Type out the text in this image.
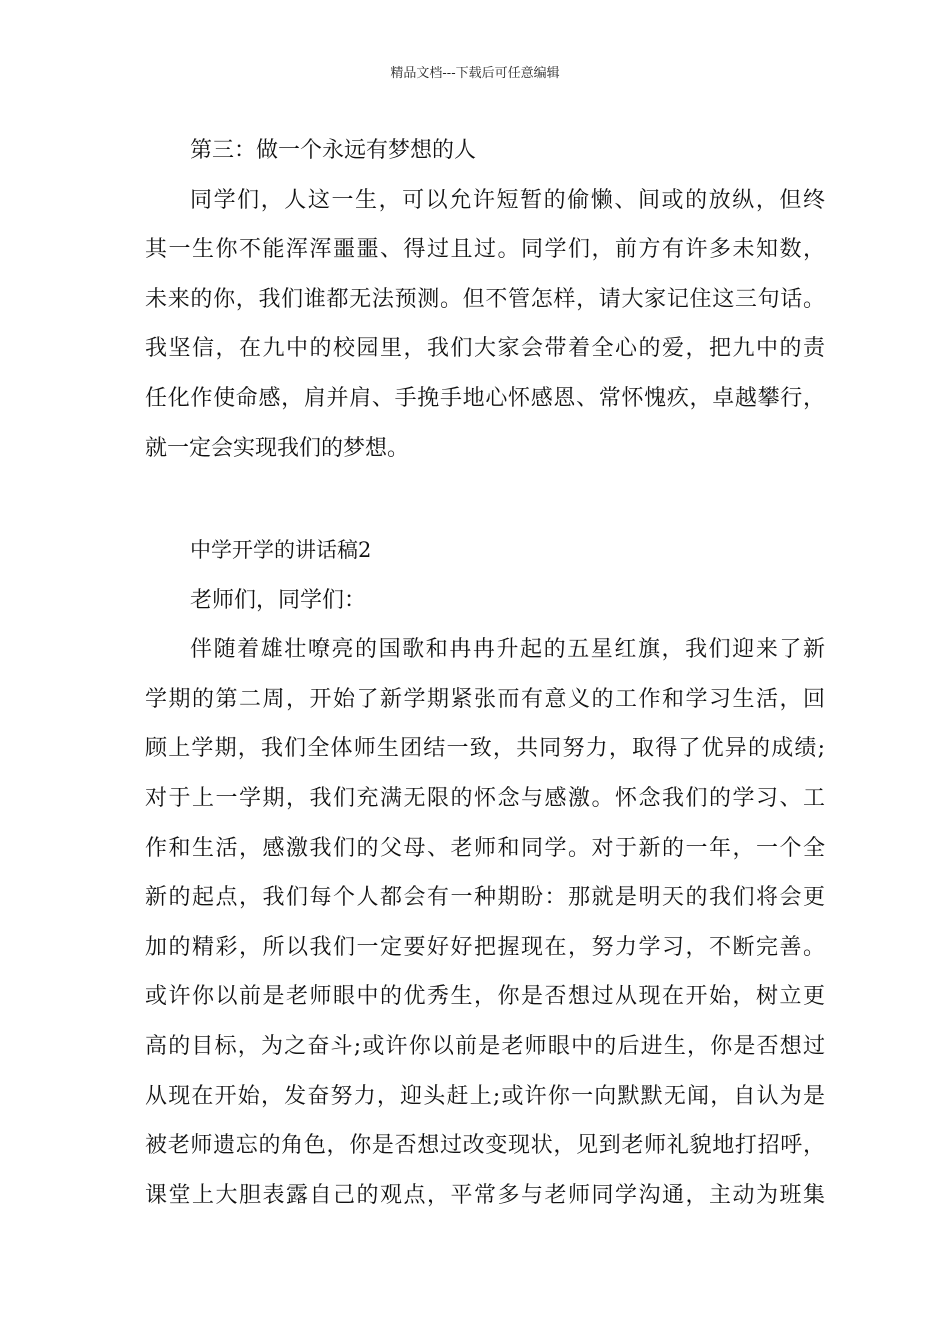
精品文档---下载后可任意编辑
第三：做一个永远有梦想的人
同学们，人这一生，可以允许短暂的偷懒、间或的放纵，但终
其一生你不能浑浑噩噩、得过且过。同学们，前方有许多未知数，
未来的你，我们谁都无法预测。但不管怎样，请大家记住这三句话。
我坚信，在九中的校园里，我们大家会带着全心的爱，把九中的责
任化作使命感，肩并肩、手挽手地心怀感恩、常怀愧疚，卓越攀行，
就一定会实现我们的梦想。
中学开学的讲话稿2
老师们，同学们：
伴随着雄壮嘹亮的国歌和冉冉升起的五星红旗，我们迎来了新
学期的第二周，开始了新学期紧张而有意义的工作和学习生活，回
顾上学期，我们全体师生团结一致，共同努力，取得了优异的成绩;
对于上一学期，我们充满无限的怀念与感激。怀念我们的学习、工
作和生活，感激我们的父母、老师和同学。对于新的一年，一个全
新的起点，我们每个人都会有一种期盼：那就是明天的我们将会更
加的精彩，所以我们一定要好好把握现在，努力学习，不断完善。
或许你以前是老师眼中的优秀生，你是否想过从现在开始，树立更
高的目标，为之奋斗;或许你以前是老师眼中的后进生，你是否想过
从现在开始，发奋努力，迎头赶上;或许你一向默默无闻，自认为是
被老师遗忘的角色，你是否想过改变现状，见到老师礼貌地打招呼，
课堂上大胆表露自己的观点，平常多与老师同学沟通，主动为班集
